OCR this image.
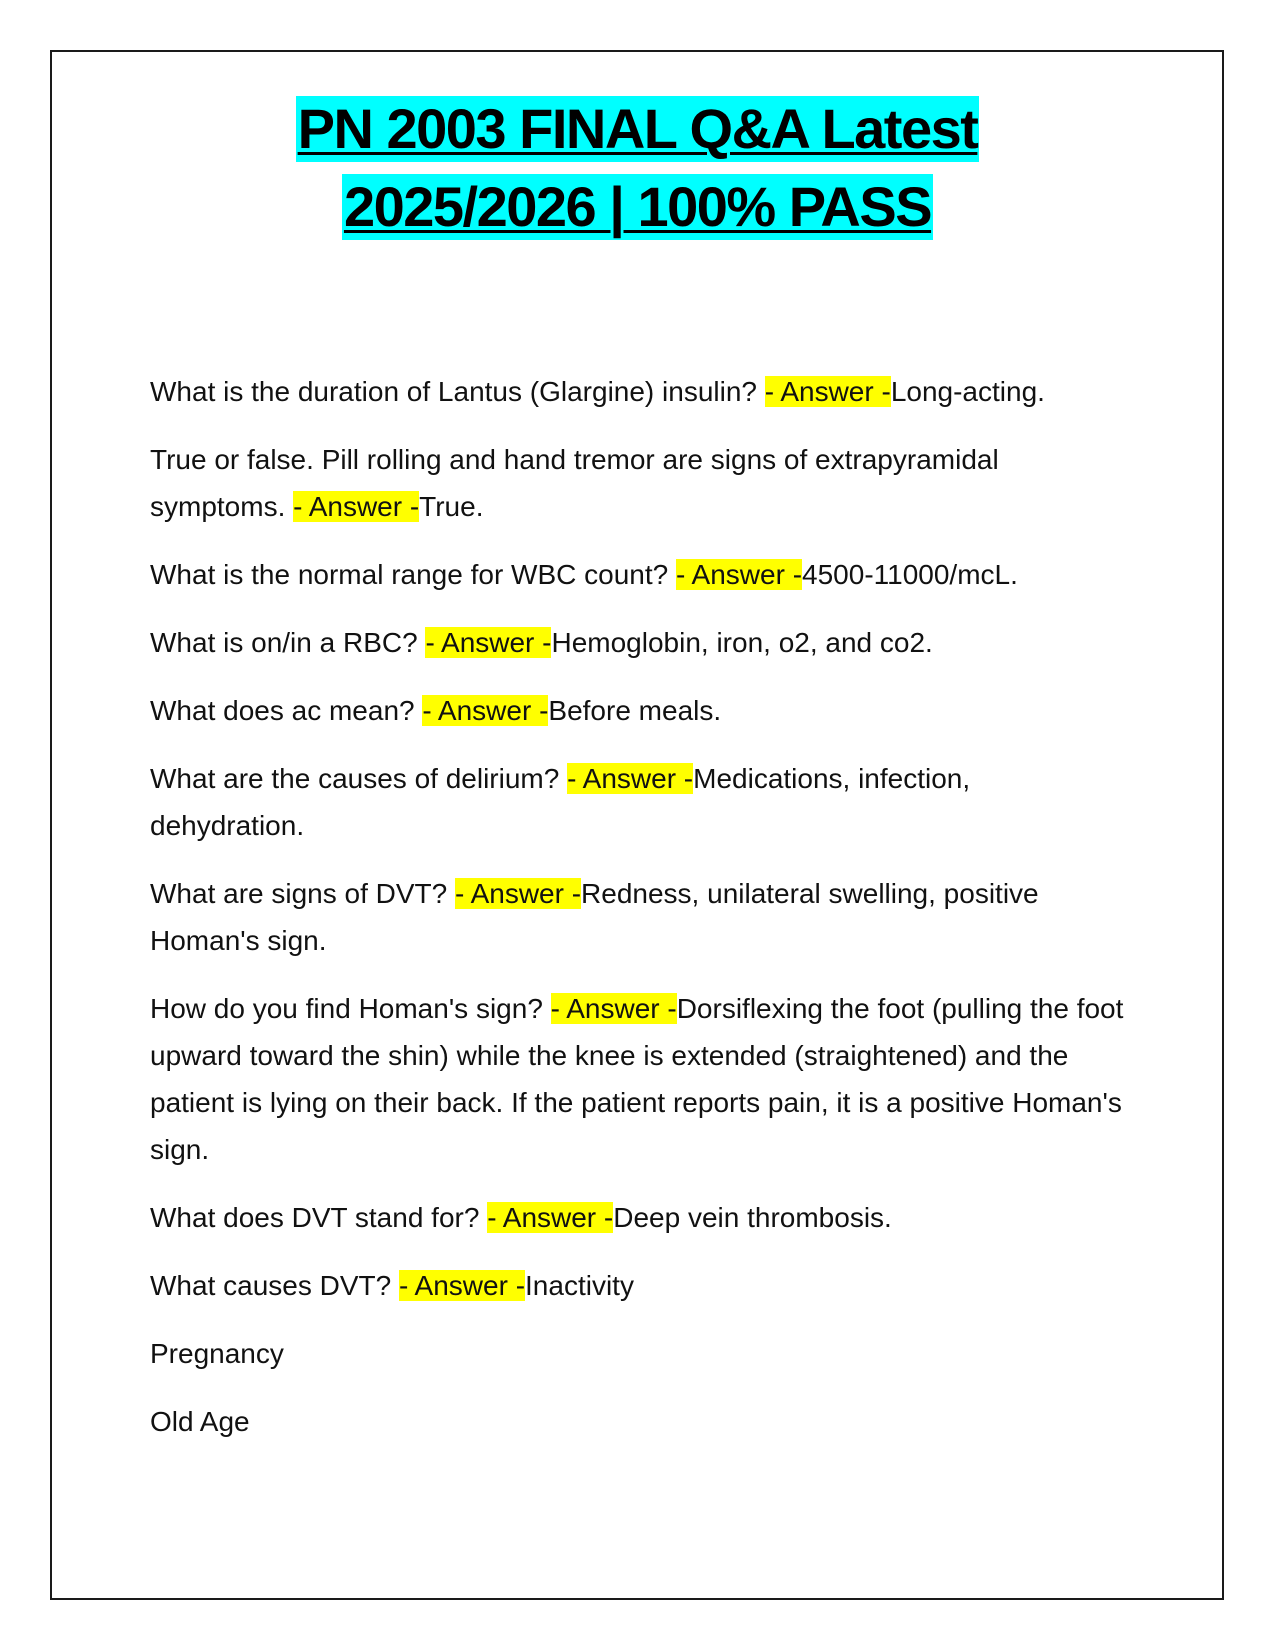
PN 2003 FINAL Q&A Latest
2025/2026 | 100% PASS

What is the duration of Lantus (Glargine) insulin? - Answer -Long-acting.

True or false. Pill rolling and hand tremor are signs of extrapyramidal symptoms. - Answer -True.

What is the normal range for WBC count? - Answer -4500-11000/mcL.

What is on/in a RBC? - Answer -Hemoglobin, iron, o2, and co2.

What does ac mean? - Answer -Before meals.

What are the causes of delirium? - Answer -Medications, infection, dehydration.

What are signs of DVT? - Answer -Redness, unilateral swelling, positive Homan's sign.

How do you find Homan's sign? - Answer -Dorsiflexing the foot (pulling the foot upward toward the shin) while the knee is extended (straightened) and the patient is lying on their back. If the patient reports pain, it is a positive Homan's sign.

What does DVT stand for? - Answer -Deep vein thrombosis.

What causes DVT? - Answer -Inactivity

Pregnancy

Old Age
